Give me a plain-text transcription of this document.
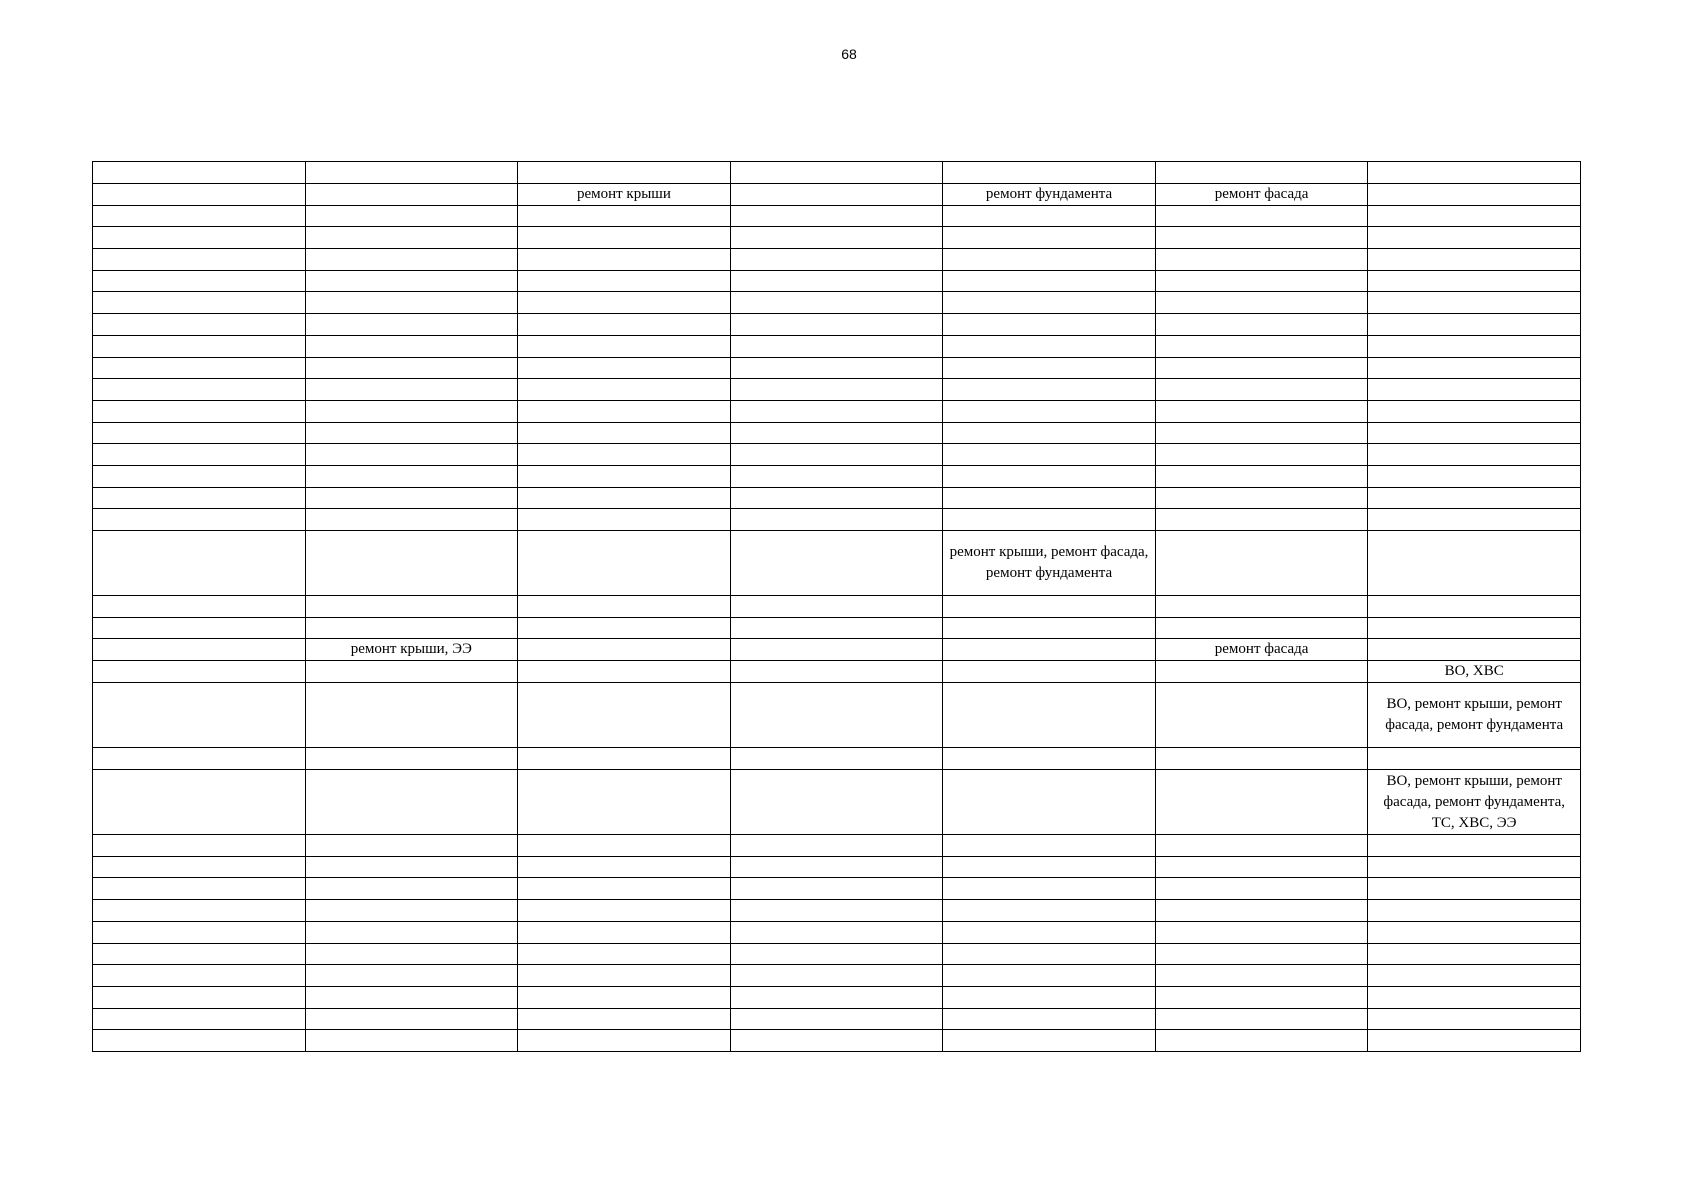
68

		ремонт крыши		ремонт фундамента	ремонт фасада	

				ремонт крыши, ремонт фасада, ремонт фундамента		

	ремонт крыши, ЭЭ				ремонт фасада	
						ВО, ХВС
						ВО, ремонт крыши, ремонт фасада, ремонт фундамента

						ВО, ремонт крыши, ремонт фасада, ремонт фундамента, ТС, ХВС, ЭЭ
